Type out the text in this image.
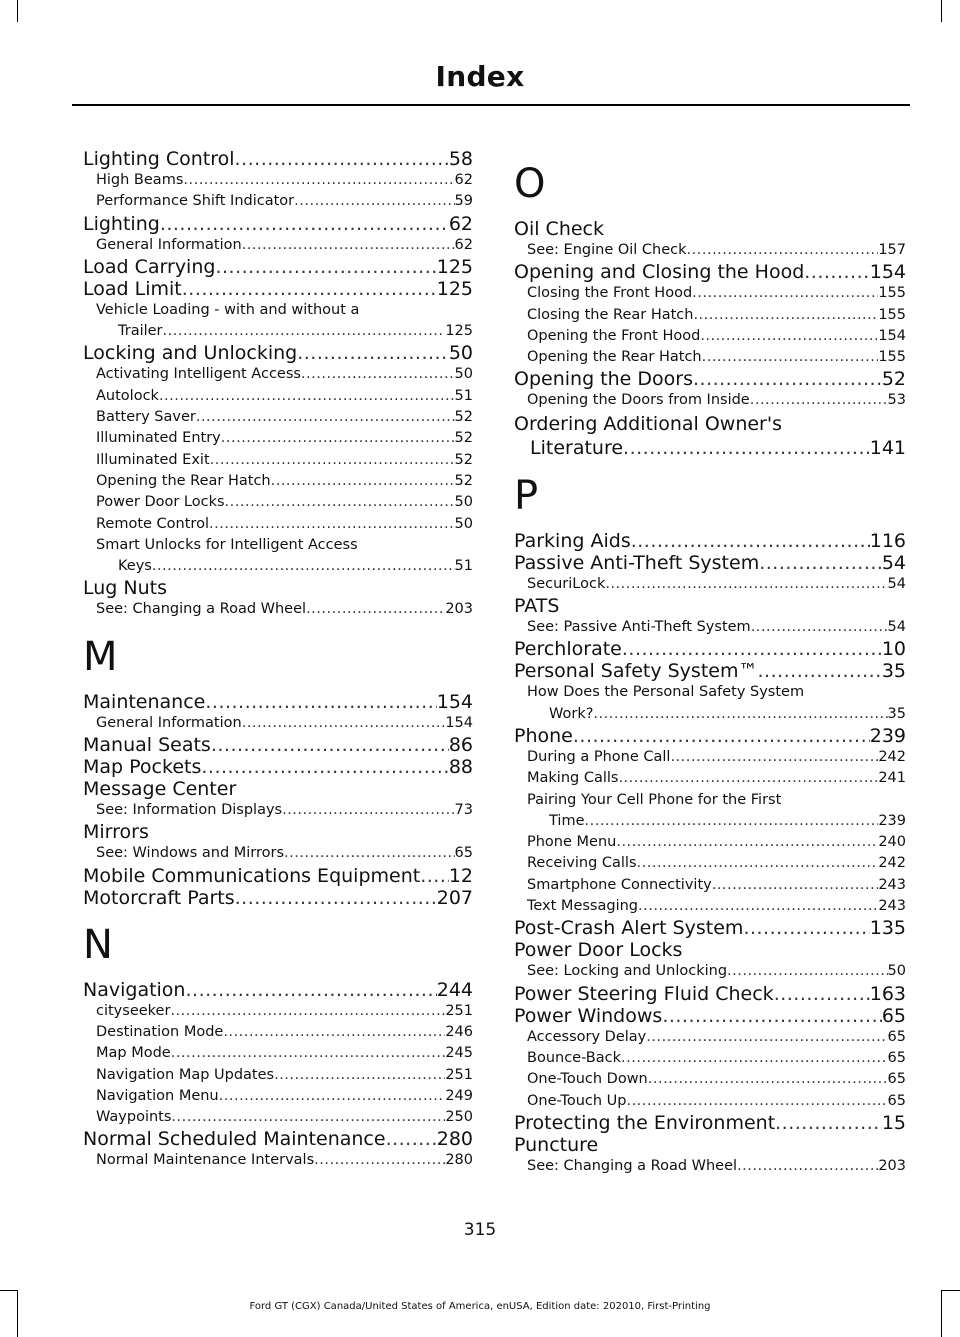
Index
Lighting Control .....	58
High Beams .....	62
Performance Shift Indicator .....	59
Lighting .....	62
General Information .....	62
Load Carrying .....	125
Load Limit .....	125
Vehicle Loading - with and without a
Trailer .....	125
Locking and Unlocking .....	50
Activating Intelligent Access .....	50
Autolock .....	51
Battery Saver .....	52
Illuminated Entry .....	52
Illuminated Exit .....	52
Opening the Rear Hatch .....	52
Power Door Locks .....	50
Remote Control .....	50
Smart Unlocks for Intelligent Access
Keys .....	51
Lug Nuts
See: Changing a Road Wheel .....	203
M
Maintenance .....	154
General Information .....	154
Manual Seats .....	86
Map Pockets .....	88
Message Center
See: Information Displays .....	73
Mirrors
See: Windows and Mirrors .....	65
Mobile Communications Equipment ..... 12
Motorcraft Parts .....	207
N
Navigation .....	244
cityseeker .....	251
Destination Mode .....	246
Map Mode .....	245
Navigation Map Updates .....	251
Navigation Menu .....	249
Waypoints .....	250
Normal Scheduled Maintenance .....	280
Normal Maintenance Intervals .....	280
O
Oil Check
See: Engine Oil Check .....	157
Opening and Closing the Hood .....	154
Closing the Front Hood .....	155
Closing the Rear Hatch .....	155
Opening the Front Hood .....	154
Opening the Rear Hatch .....	155
Opening the Doors .....	52
Opening the Doors from Inside .....	53
Ordering Additional Owner's
Literature .....	141
P
Parking Aids .....	116
Passive Anti-Theft System .....	54
SecuriLock .....	54
PATS
See: Passive Anti-Theft System .....	54
Perchlorate .....	10
Personal Safety System™ .....	35
How Does the Personal Safety System
Work? .....	35
Phone .....	239
During a Phone Call .....	242
Making Calls .....	241
Pairing Your Cell Phone for the First
Time .....	239
Phone Menu .....	240
Receiving Calls .....	242
Smartphone Connectivity .....	243
Text Messaging .....	243
Post-Crash Alert System .....	135
Power Door Locks
See: Locking and Unlocking .....	50
Power Steering Fluid Check .....	163
Power Windows .....	65
Accessory Delay .....	65
Bounce-Back .....	65
One-Touch Down .....	65
One-Touch Up .....	65
Protecting the Environment .....	15
Puncture
See: Changing a Road Wheel .....	203
315
Ford GT (CGX) Canada/United States of America, enUSA, Edition date: 202010, First-Printing
